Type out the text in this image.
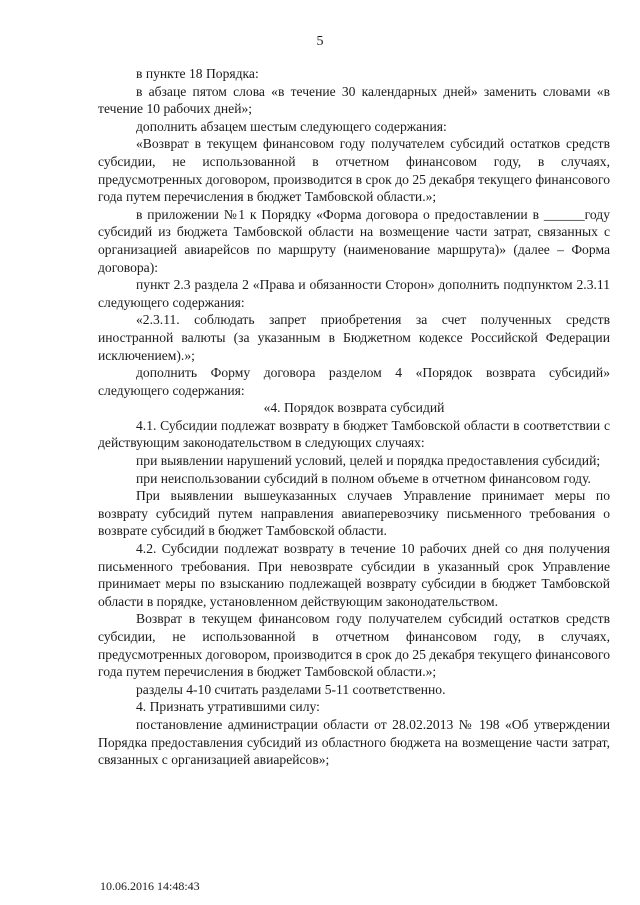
5

в пункте 18 Порядка:

в абзаце пятом слова «в течение 30 календарных дней» заменить словами «в течение 10 рабочих дней»;

дополнить абзацем шестым следующего содержания:

«Возврат в текущем финансовом году получателем субсидий остатков средств субсидии, не использованной в отчетном финансовом году, в случаях, предусмотренных договором, производится в срок до 25 декабря текущего финансового года путем перечисления в бюджет Тамбовской области.»;

в приложении №1 к Порядку «Форма договора о предоставлении в ______году субсидий из бюджета Тамбовской области на возмещение части затрат, связанных с организацией авиарейсов по маршруту (наименование маршрута)» (далее – Форма договора):

пункт 2.3 раздела 2 «Права и обязанности Сторон» дополнить подпунктом 2.3.11 следующего содержания:

«2.3.11. соблюдать запрет приобретения за счет полученных средств иностранной валюты (за указанным в Бюджетном кодексе Российской Федерации исключением).»;

дополнить Форму договора разделом 4 «Порядок возврата субсидий» следующего содержания:

«4. Порядок возврата субсидий

4.1. Субсидии подлежат возврату в бюджет Тамбовской области в соответствии с действующим законодательством в следующих случаях:

при выявлении нарушений условий, целей и порядка предоставления субсидий;

при неиспользовании субсидий в полном объеме в отчетном финансовом году.

При выявлении вышеуказанных случаев Управление принимает меры по возврату субсидий путем направления авиаперевозчику письменного требования о возврате субсидий в бюджет Тамбовской области.

4.2. Субсидии подлежат возврату в течение 10 рабочих дней со дня получения письменного требования. При невозврате субсидии в указанный срок Управление принимает меры по взысканию подлежащей возврату субсидии в бюджет Тамбовской области в порядке, установленном действующим законодательством.

Возврат в текущем финансовом году получателем субсидий остатков средств субсидии, не использованной в отчетном финансовом году, в случаях, предусмотренных договором, производится в срок до 25 декабря текущего финансового года путем перечисления в бюджет Тамбовской области.»;

разделы 4-10 считать разделами 5-11 соответственно.

4. Признать утратившими силу:

постановление администрации области от 28.02.2013 № 198 «Об утверждении Порядка предоставления субсидий из областного бюджета на возмещение части затрат, связанных с организацией авиарейсов»;

10.06.2016 14:48:43
